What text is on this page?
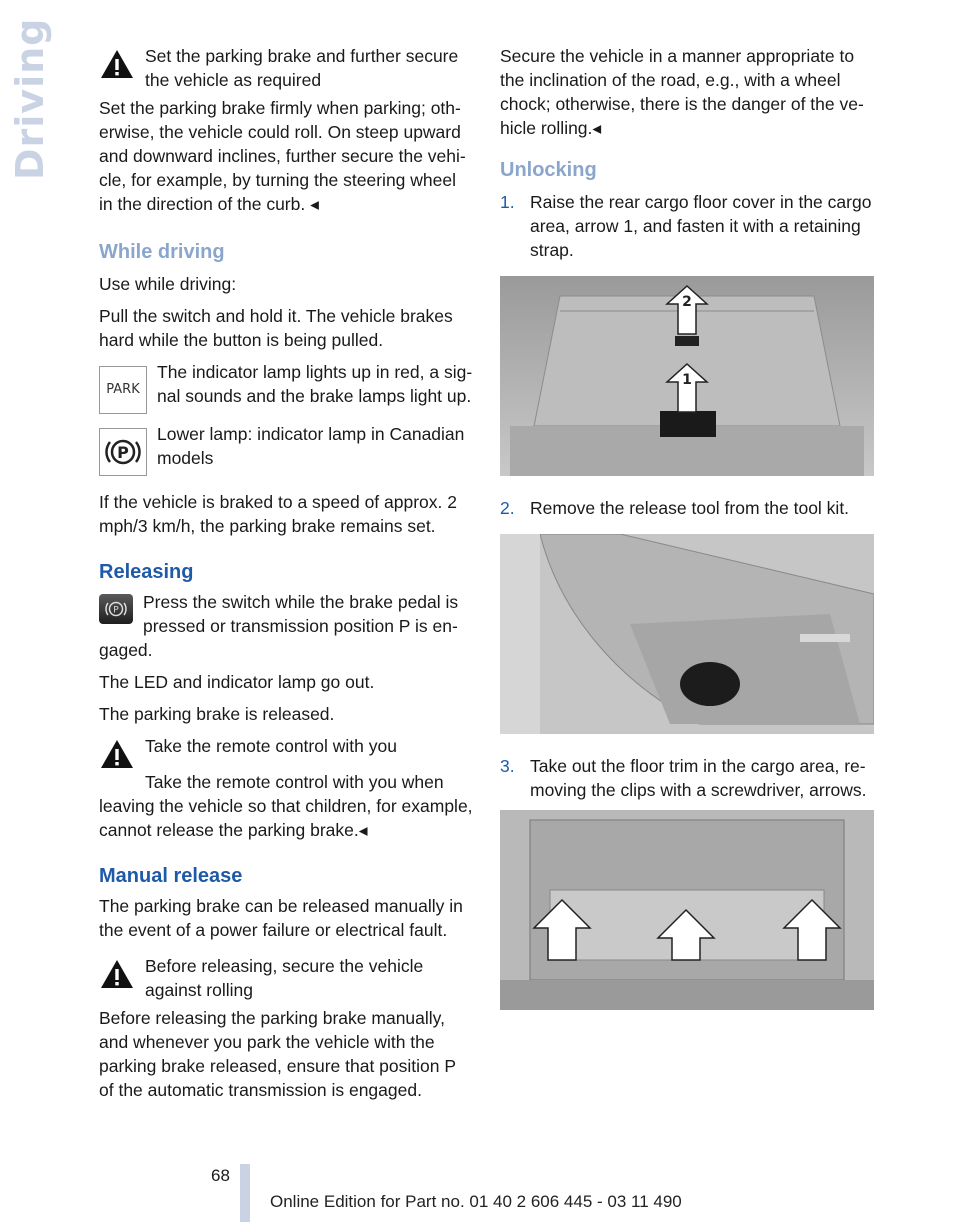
Driving	Set the parking brake and further secure the vehicle as required

Set the parking brake firmly when parking; oth-erwise, the vehicle could roll. On steep upward and downward inclines, further secure the vehi-cle, for example, by turning the steering wheel in the direction of the curb. ◂

While driving

Use while driving:

Pull the switch and hold it. The vehicle brakes hard while the button is being pulled.

PARK
The indicator lamp lights up in red, a sig-nal sounds and the brake lamps light up.
P
Lower lamp: indicator lamp in Canadian models

If the vehicle is braked to a speed of approx. 2 mph/3 km/h, the parking brake remains set.

Releasing
P Press the switch while the brake pedal is pressed or transmission position P is en-gaged.

The LED and indicator lamp go out.

The parking brake is released.

Take the remote control with you

Take the remote control with you when leaving the vehicle so that children, for example, cannot release the parking brake.◂

Manual release

The parking brake can be released manually in the event of a power failure or electrical fault.

Before releasing, secure the vehicle against rolling

Before releasing the parking brake manually, and whenever you park the vehicle with the parking brake released, ensure that position P of the automatic transmission is engaged.

Secure the vehicle in a manner appropriate to the inclination of the road, e.g., with a wheel chock; otherwise, there is the danger of the ve-hicle rolling.◂

Unlocking
1. Raise the rear cargo floor cover in the cargo area, arrow 1, and fasten it with a retaining strap.
2
1
2. Remove the release tool from the tool kit.
3. Take out the floor trim in the cargo area, re-moving the clips with a screwdriver, arrows.
68
Online Edition for Part no. 01 40 2 606 445 - 03 11 490
